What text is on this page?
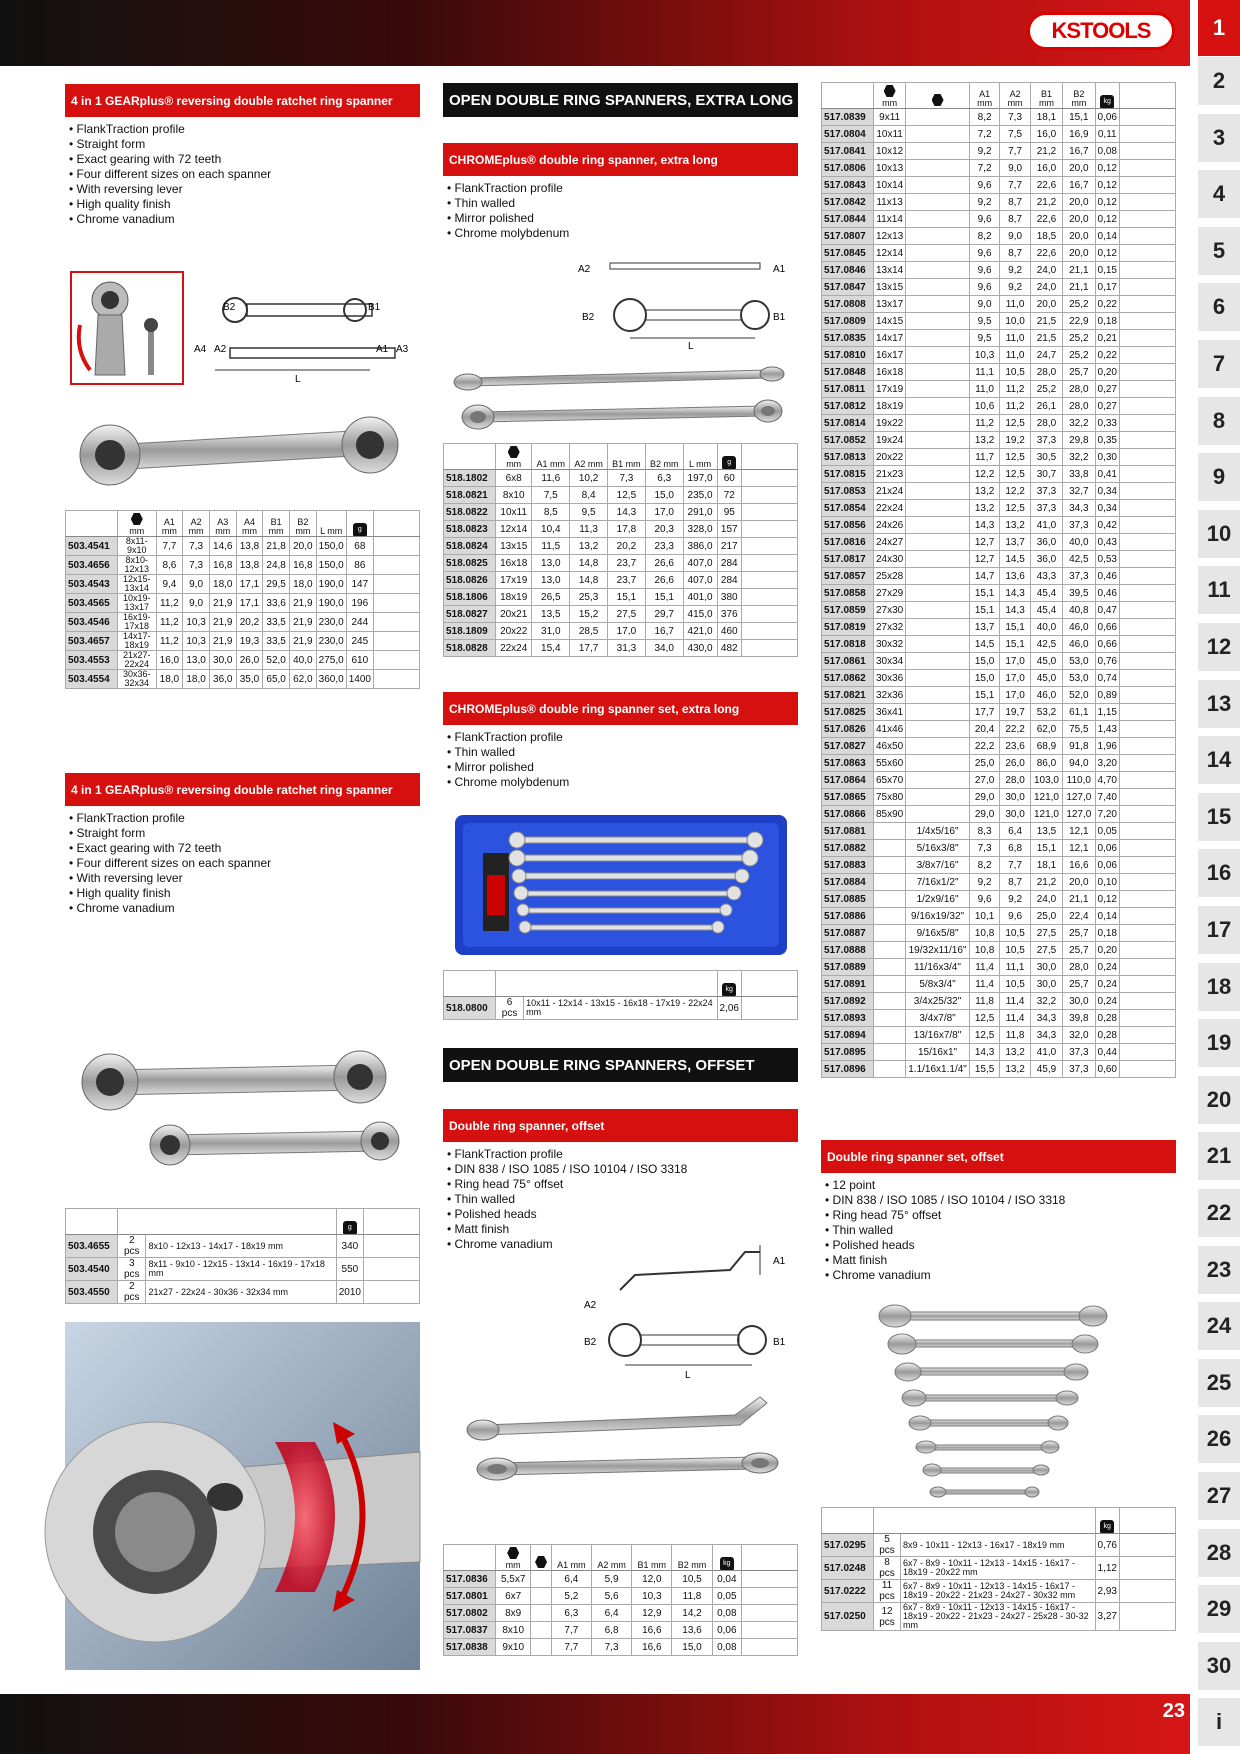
KSTOOLS	1
2
3
4
5
6
7
8
9
10
11
12
13
14
15
16
17
18
19
20
21
22
23
24
25
26
27
28
29
30
i
4 in 1 GEARplus® reversing double ratchet ring spanner
• FlankTraction profile
• Straight form
• Exact gearing with 72 teeth
• Four different sizes on each spanner
• With reversing lever
• High quality finish
• Chrome vanadium
L
B2	B1
A4 A2	A1 A3

	mm	A1 mm	A2 mm	A3 mm	A4 mm	B1 mm	B2 mm	L mm	g	
503.4541	8x11-9x10	7,7	7,3	14,6	13,8	21,8	20,0	150,0	68	
503.4656	8x10-12x13	8,6	7,3	16,8	13,8	24,8	16,8	150,0	86	
503.4543	12x15-13x14	9,4	9,0	18,0	17,1	29,5	18,0	190,0	147	
503.4565	10x19-13x17	11,2	9,0	21,9	17,1	33,6	21,9	190,0	196	
503.4546	16x19-17x18	11,2	10,3	21,9	20,2	33,5	21,9	230,0	244	
503.4657	14x17-18x19	11,2	10,3	21,9	19,3	33,5	21,9	230,0	245	
503.4553	21x27-22x24	16,0	13,0	30,0	26,0	52,0	40,0	275,0	610	
503.4554	30x36-32x34	18,0	18,0	36,0	35,0	65,0	62,0	360,0	1400	
4 in 1 GEARplus® reversing double ratchet ring spanner
• FlankTraction profile
• Straight form
• Exact gearing with 72 teeth
• Four different sizes on each spanner
• With reversing lever
• High quality finish
• Chrome vanadium
			g	
503.4655	2 pcs	8x10 - 12x13 - 14x17 - 18x19 mm	340	
503.4540	3 pcs	8x11 - 9x10 - 12x15 - 13x14 - 16x19 - 17x18 mm	550	
503.4550	2 pcs	21x27 - 22x24 - 30x36 - 32x34 mm	2010	
OPEN DOUBLE RING SPANNERS, EXTRA LONG
CHROMEplus® double ring spanner, extra long
• FlankTraction profile
• Thin walled
• Mirror polished
• Chrome molybdenum
A2	A1
B2	B1
L

	mm	A1 mm	A2 mm	B1 mm	B2 mm	L mm	g	
518.1802	6x8	11,6	10,2	7,3	6,3	197,0	60	
518.0821	8x10	7,5	8,4	12,5	15,0	235,0	72	
518.0822	10x11	8,5	9,5	14,3	17,0	291,0	95	
518.0823	12x14	10,4	11,3	17,8	20,3	328,0	157	
518.0824	13x15	11,5	13,2	20,2	23,3	386,0	217	
518.0825	16x18	13,0	14,8	23,7	26,6	407,0	284	
518.0826	17x19	13,0	14,8	23,7	26,6	407,0	284	
518.1806	18x19	26,5	25,3	15,1	15,1	401,0	380	
518.0827	20x21	13,5	15,2	27,5	29,7	415,0	376	
518.1809	20x22	31,0	28,5	17,0	16,7	421,0	460	
518.0828	22x24	15,4	17,7	31,3	34,0	430,0	482	
CHROMEplus® double ring spanner set, extra long
• FlankTraction profile
• Thin walled
• Mirror polished
• Chrome molybdenum
			kg	
518.0800	6 pcs	10x11 - 12x14 - 13x15 - 16x18 - 17x19 - 22x24 mm	2,06	
OPEN DOUBLE RING SPANNERS, OFFSET
Double ring spanner, offset
• FlankTraction profile
• DIN 838 / ISO 1085 / ISO 10104 / ISO 3318
• Ring head 75° offset
• Thin walled
• Polished heads
• Matt finish
• Chrome vanadium
A1
A2
B2	B1
L

	mm		A1 mm	A2 mm	B1 mm	B2 mm	kg	
517.0836	5,5x7		6,4	5,9	12,0	10,5	0,04	
517.0801	6x7		5,2	5,6	10,3	11,8	0,05	
517.0802	8x9		6,3	6,4	12,9	14,2	0,08	
517.0837	8x10		7,7	6,8	16,6	13,6	0,06	
517.0838	9x10		7,7	7,3	16,6	15,0	0,08	

	mm		A1 mm	A2 mm	B1 mm	B2 mm	kg	
517.0839	9x11		8,2	7,3	18,1	15,1	0,06	
517.0804	10x11		7,2	7,5	16,0	16,9	0,11	
517.0841	10x12		9,2	7,7	21,2	16,7	0,08	
517.0806	10x13		7,2	9,0	16,0	20,0	0,12	
517.0843	10x14		9,6	7,7	22,6	16,7	0,12	
517.0842	11x13		9,2	8,7	21,2	20,0	0,12	
517.0844	11x14		9,6	8,7	22,6	20,0	0,12	
517.0807	12x13		8,2	9,0	18,5	20,0	0,14	
517.0845	12x14		9,6	8,7	22,6	20,0	0,12	
517.0846	13x14		9,6	9,2	24,0	21,1	0,15	
517.0847	13x15		9,6	9,2	24,0	21,1	0,17	
517.0808	13x17		9,0	11,0	20,0	25,2	0,22	
517.0809	14x15		9,5	10,0	21,5	22,9	0,18	
517.0835	14x17		9,5	11,0	21,5	25,2	0,21	
517.0810	16x17		10,3	11,0	24,7	25,2	0,22	
517.0848	16x18		11,1	10,5	28,0	25,7	0,20	
517.0811	17x19		11,0	11,2	25,2	28,0	0,27	
517.0812	18x19		10,6	11,2	26,1	28,0	0,27	
517.0814	19x22		11,2	12,5	28,0	32,2	0,33	
517.0852	19x24		13,2	19,2	37,3	29,8	0,35	
517.0813	20x22		11,7	12,5	30,5	32,2	0,30	
517.0815	21x23		12,2	12,5	30,7	33,8	0,41	
517.0853	21x24		13,2	12,2	37,3	32,7	0,34	
517.0854	22x24		13,2	12,5	37,3	34,3	0,34	
517.0856	24x26		14,3	13,2	41,0	37,3	0,42	
517.0816	24x27		12,7	13,7	36,0	40,0	0,43	
517.0817	24x30		12,7	14,5	36,0	42,5	0,53	
517.0857	25x28		14,7	13,6	43,3	37,3	0,46	
517.0858	27x29		15,1	14,3	45,4	39,5	0,46	
517.0859	27x30		15,1	14,3	45,4	40,8	0,47	
517.0819	27x32		13,7	15,1	40,0	46,0	0,66	
517.0818	30x32		14,5	15,1	42,5	46,0	0,66	
517.0861	30x34		15,0	17,0	45,0	53,0	0,76	
517.0862	30x36		15,0	17,0	45,0	53,0	0,74	
517.0821	32x36		15,1	17,0	46,0	52,0	0,89	
517.0825	36x41		17,7	19,7	53,2	61,1	1,15	
517.0826	41x46		20,4	22,2	62,0	75,5	1,43	
517.0827	46x50		22,2	23,6	68,9	91,8	1,96	
517.0863	55x60		25,0	26,0	86,0	94,0	3,20	
517.0864	65x70		27,0	28,0	103,0	110,0	4,70	
517.0865	75x80		29,0	30,0	121,0	127,0	7,40	
517.0866	85x90		29,0	30,0	121,0	127,0	7,20	
517.0881		1/4x5/16"	8,3	6,4	13,5	12,1	0,05	
517.0882		5/16x3/8"	7,3	6,8	15,1	12,1	0,06	
517.0883		3/8x7/16"	8,2	7,7	18,1	16,6	0,06	
517.0884		7/16x1/2"	9,2	8,7	21,2	20,0	0,10	
517.0885		1/2x9/16"	9,6	9,2	24,0	21,1	0,12	
517.0886		9/16x19/32"	10,1	9,6	25,0	22,4	0,14	
517.0887		9/16x5/8"	10,8	10,5	27,5	25,7	0,18	
517.0888		19/32x11/16"	10,8	10,5	27,5	25,7	0,20	
517.0889		11/16x3/4"	11,4	11,1	30,0	28,0	0,24	
517.0891		5/8x3/4"	11,4	10,5	30,0	25,7	0,24	
517.0892		3/4x25/32"	11,8	11,4	32,2	30,0	0,24	
517.0893		3/4x7/8"	12,5	11,4	34,3	39,8	0,28	
517.0894		13/16x7/8"	12,5	11,8	34,3	32,0	0,28	
517.0895		15/16x1"	14,3	13,2	41,0	37,3	0,44	
517.0896		1.1/16x1.1/4"	15,5	13,2	45,9	37,3	0,60	
Double ring spanner set, offset
• 12 point
• DIN 838 / ISO 1085 / ISO 10104 / ISO 3318
• Ring head 75° offset
• Thin walled
• Polished heads
• Matt finish
• Chrome vanadium
			kg	
517.0295	5 pcs	8x9 - 10x11 - 12x13 - 16x17 - 18x19 mm	0,76	
517.0248	8 pcs	6x7 - 8x9 - 10x11 - 12x13 - 14x15 - 16x17 - 18x19 - 20x22 mm	1,12	
517.0222	11 pcs	6x7 - 8x9 - 10x11 - 12x13 - 14x15 - 16x17 - 18x19 - 20x22 - 21x23 - 24x27 - 30x32 mm	2,93	
517.0250	12 pcs	6x7 - 8x9 - 10x11 - 12x13 - 14x15 - 16x17 - 18x19 - 20x22 - 21x23 - 24x27 - 25x28 - 30-32 mm	3,27	
23
